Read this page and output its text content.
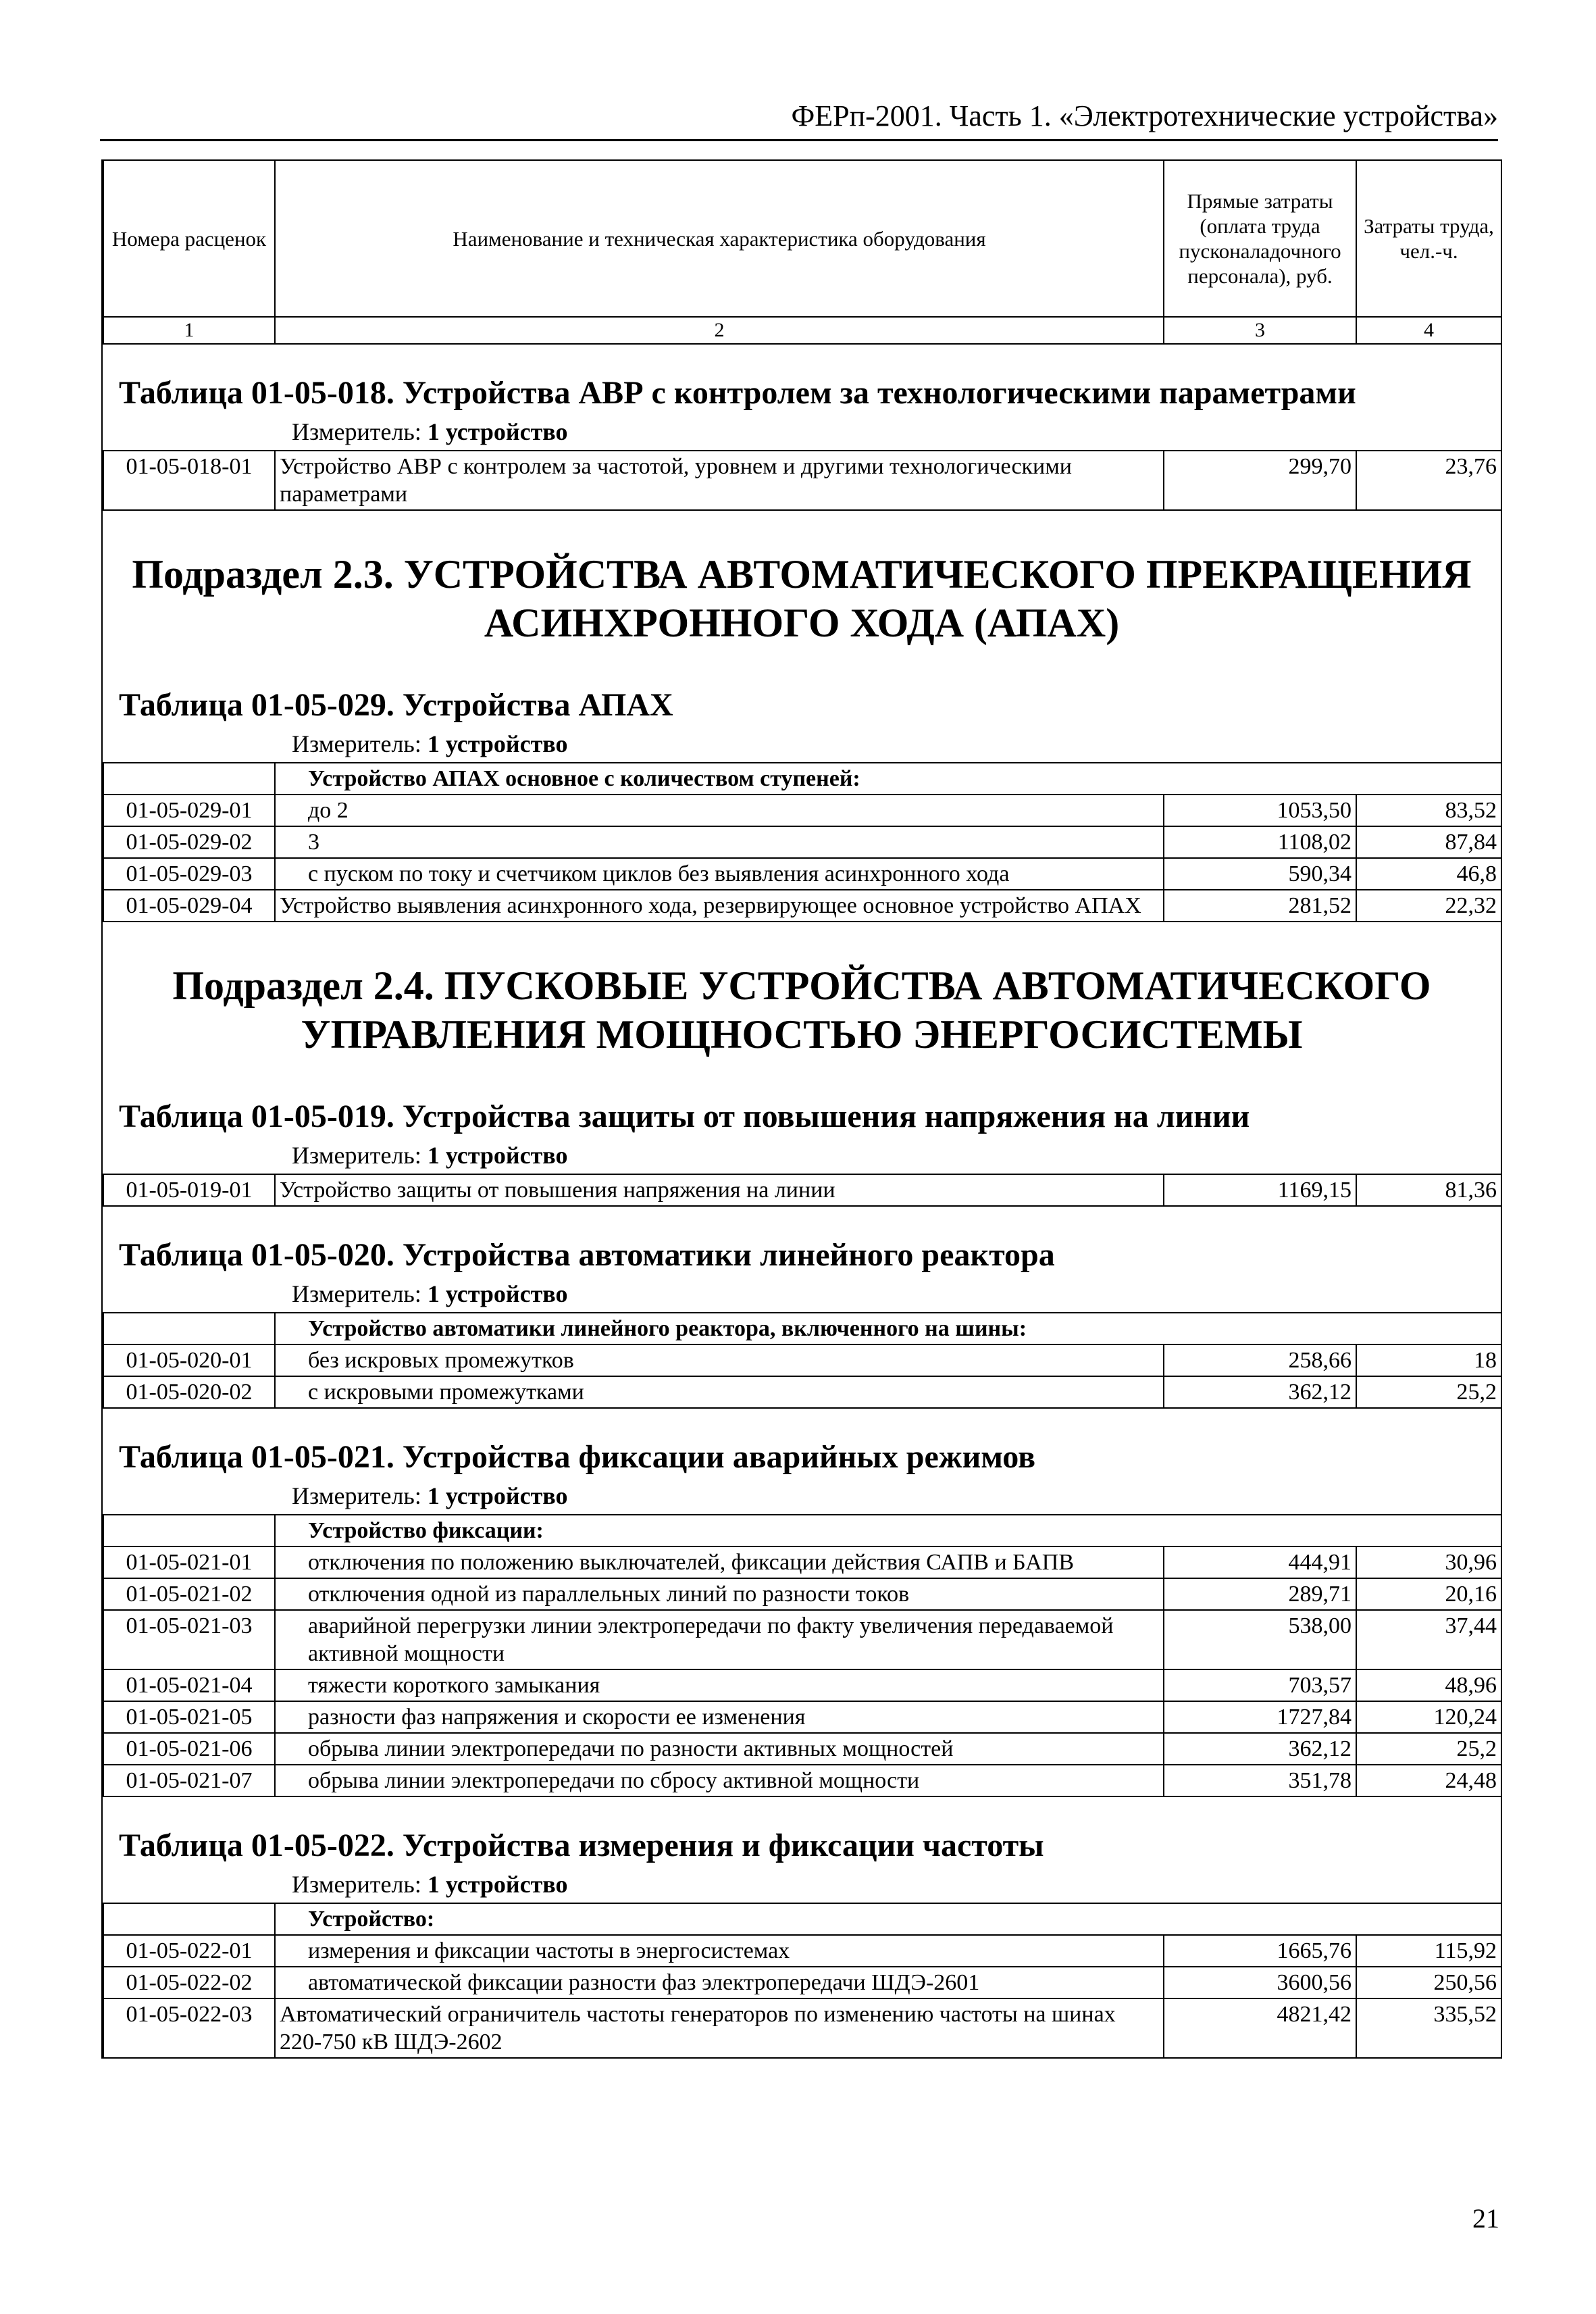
ФЕРп-2001. Часть 1. «Электротехнические устройства»
Номера расценок	Наименование и техническая характеристика оборудования	Прямые затраты (оплата труда пусконаладочного персонала), руб.	Затраты труда, чел.-ч.
1	2	3	4
Таблица 01-05-018. Устройства АВР с контролем за технологическими параметрами
Измеритель: 1 устройство
01-05-018-01	Устройство АВР с контролем за частотой, уровнем и другими технологическими параметрами	299,70	23,76
Подраздел 2.3. УСТРОЙСТВА АВТОМАТИЧЕСКОГО ПРЕКРАЩЕНИЯ АСИНХРОННОГО ХОДА (АПАХ)
Таблица 01-05-029. Устройства АПАХ
Измеритель: 1 устройство
	Устройство АПАХ основное с количеством ступеней:		
01-05-029-01	до 2	1053,50	83,52
01-05-029-02	3	1108,02	87,84
01-05-029-03	с пуском по току и счетчиком циклов без выявления асинхронного хода	590,34	46,8
01-05-029-04	Устройство выявления асинхронного хода, резервирующее основное устройство АПАХ	281,52	22,32
Подраздел 2.4. ПУСКОВЫЕ УСТРОЙСТВА АВТОМАТИЧЕСКОГО УПРАВЛЕНИЯ МОЩНОСТЬЮ ЭНЕРГОСИСТЕМЫ
Таблица 01-05-019. Устройства защиты от повышения напряжения на линии
Измеритель: 1 устройство
01-05-019-01	Устройство защиты от повышения напряжения на линии	1169,15	81,36
Таблица 01-05-020. Устройства автоматики линейного реактора
Измеритель: 1 устройство
	Устройство автоматики линейного реактора, включенного на шины:		
01-05-020-01	без искровых промежутков	258,66	18
01-05-020-02	с искровыми промежутками	362,12	25,2
Таблица 01-05-021. Устройства фиксации аварийных режимов
Измеритель: 1 устройство
	Устройство фиксации:		
01-05-021-01	отключения по положению выключателей, фиксации действия САПВ и БАПВ	444,91	30,96
01-05-021-02	отключения одной из параллельных линий по разности токов	289,71	20,16
01-05-021-03	аварийной перегрузки линии электропередачи по факту увеличения передаваемой активной мощности	538,00	37,44
01-05-021-04	тяжести короткого замыкания	703,57	48,96
01-05-021-05	разности фаз напряжения и скорости ее изменения	1727,84	120,24
01-05-021-06	обрыва линии электропередачи по разности активных мощностей	362,12	25,2
01-05-021-07	обрыва линии электропередачи по сбросу активной мощности	351,78	24,48
Таблица 01-05-022. Устройства измерения и фиксации частоты
Измеритель: 1 устройство
	Устройство:		
01-05-022-01	измерения и фиксации частоты в энергосистемах	1665,76	115,92
01-05-022-02	автоматической фиксации разности фаз электропередачи ШДЭ-2601	3600,56	250,56
01-05-022-03	Автоматический ограничитель частоты генераторов по изменению частоты на шинах 220-750 кВ ШДЭ-2602	4821,42	335,52
21
